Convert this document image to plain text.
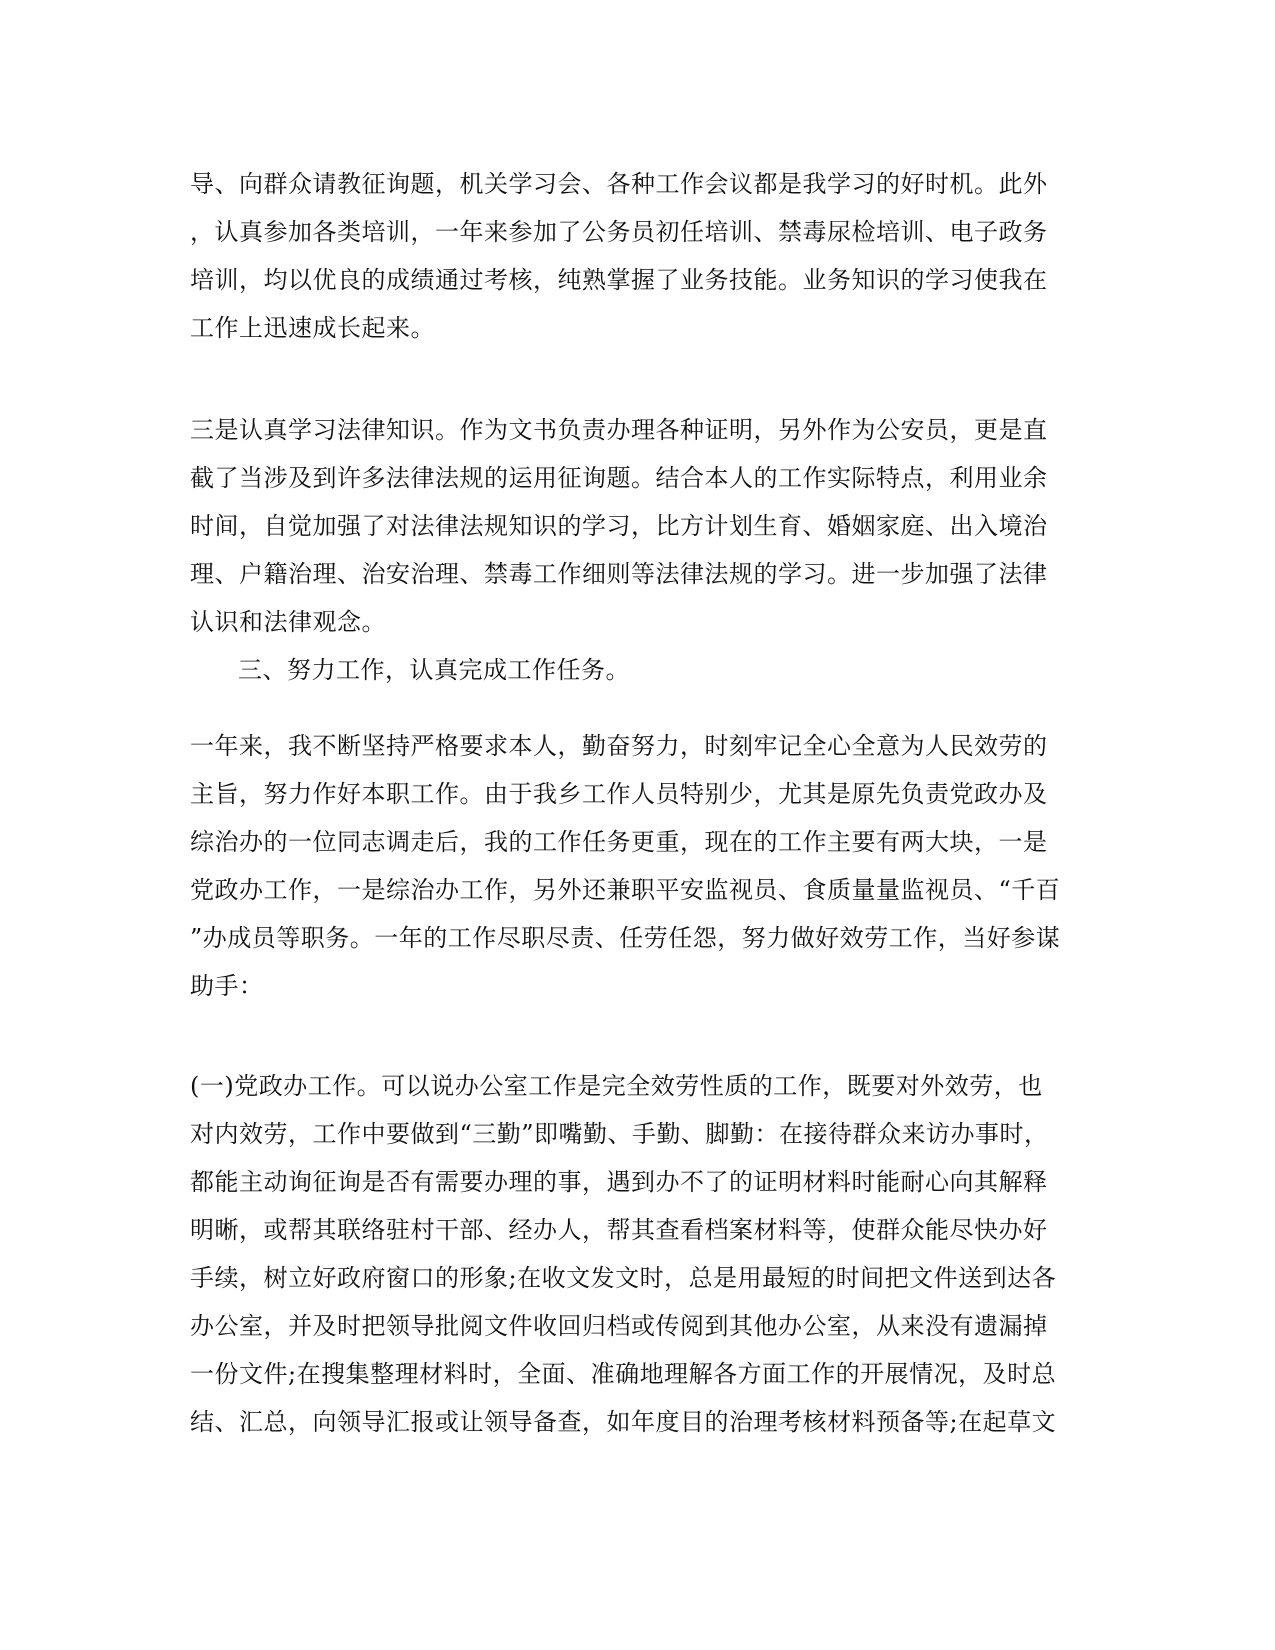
导、向群众请教征询题，机关学习会、各种工作会议都是我学习的好时机。此外
，认真参加各类培训，一年来参加了公务员初任培训、禁毒尿检培训、电子政务
培训，均以优良的成绩通过考核，纯熟掌握了业务技能。业务知识的学习使我在
工作上迅速成长起来。
三是认真学习法律知识。作为文书负责办理各种证明，另外作为公安员，更是直
截了当涉及到许多法律法规的运用征询题。结合本人的工作实际特点，利用业余
时间，自觉加强了对法律法规知识的学习，比方计划生育、婚姻家庭、出入境治
理、户籍治理、治安治理、禁毒工作细则等法律法规的学习。进一步加强了法律
认识和法律观念。
三、努力工作，认真完成工作任务。
一年来，我不断坚持严格要求本人，勤奋努力，时刻牢记全心全意为人民效劳的
主旨，努力作好本职工作。由于我乡工作人员特别少，尤其是原先负责党政办及
综治办的一位同志调走后，我的工作任务更重，现在的工作主要有两大块，一是
党政办工作，一是综治办工作，另外还兼职平安监视员、食质量量监视员、“千百
”办成员等职务。一年的工作尽职尽责、任劳任怨，努力做好效劳工作，当好参谋
助手：
(一)党政办工作。可以说办公室工作是完全效劳性质的工作，既要对外效劳，也
对内效劳，工作中要做到“三勤”即嘴勤、手勤、脚勤：在接待群众来访办事时，
都能主动询征询是否有需要办理的事，遇到办不了的证明材料时能耐心向其解释
明晰，或帮其联络驻村干部、经办人，帮其查看档案材料等，使群众能尽快办好
手续，树立好政府窗口的形象;在收文发文时，总是用最短的时间把文件送到达各
办公室，并及时把领导批阅文件收回归档或传阅到其他办公室，从来没有遗漏掉
一份文件;在搜集整理材料时，全面、准确地理解各方面工作的开展情况，及时总
结、汇总，向领导汇报或让领导备查，如年度目的治理考核材料预备等;在起草文
